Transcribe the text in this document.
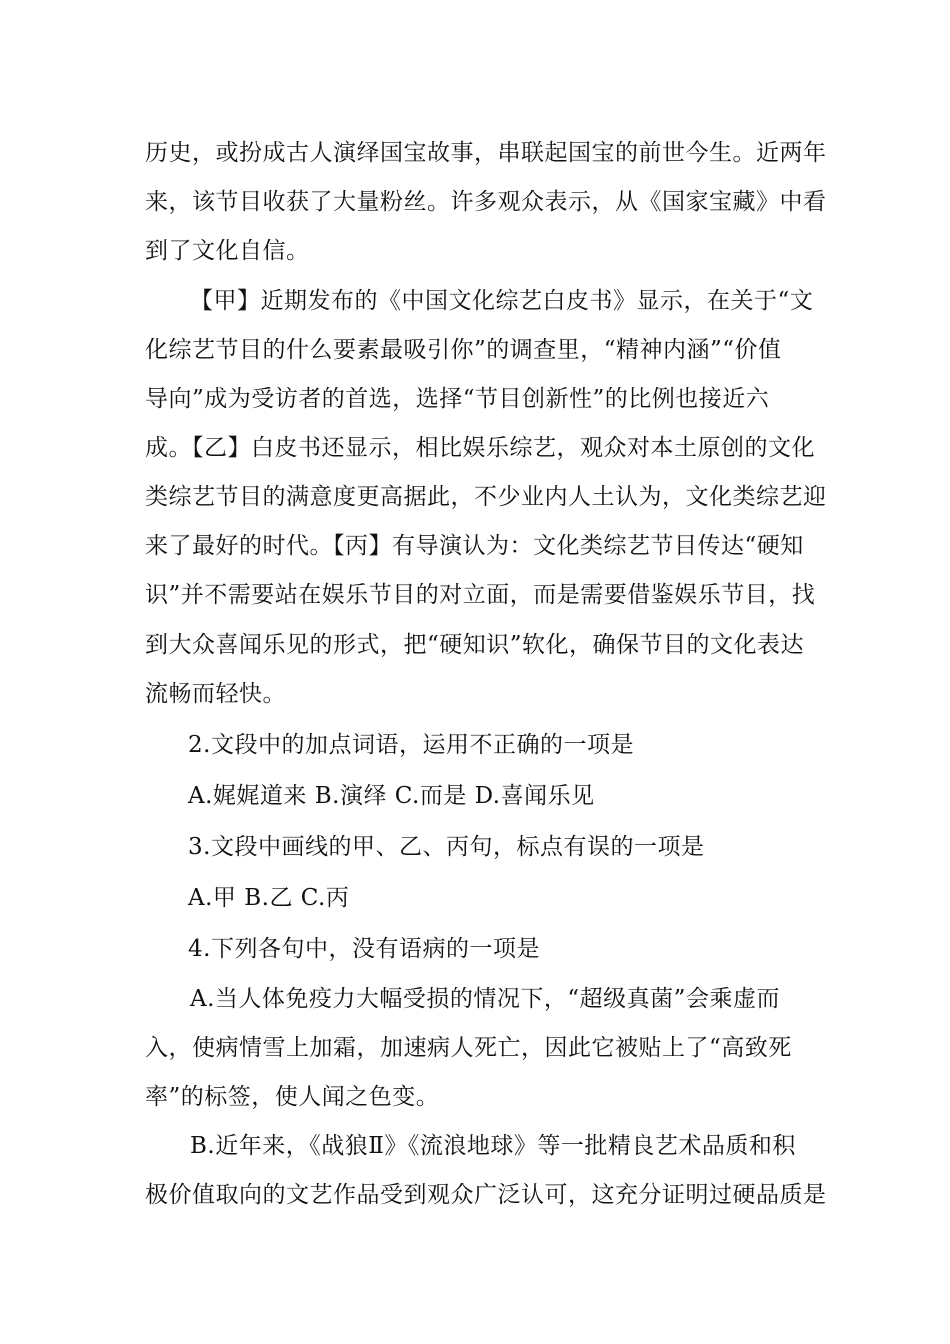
历史，或扮成古人演绎国宝故事，串联起国宝的前世今生。近两年
来，该节目收获了大量粉丝。许多观众表示，从《国家宝藏》中看
到了文化自信。
【甲】近期发布的《中国文化综艺白皮书》显示，在关于“文
化综艺节目的什么要素最吸引你”的调查里，“精神内涵”“价值
导向”成为受访者的首选，选择“节目创新性”的比例也接近六
成。【乙】白皮书还显示，相比娱乐综艺，观众对本土原创的文化
类综艺节目的满意度更高据此，不少业内人土认为，文化类综艺迎
来了最好的时代。【丙】有导演认为：文化类综艺节目传达“硬知
识”并不需要站在娱乐节目的对立面，而是需要借鉴娱乐节目，找
到大众喜闻乐见的形式，把“硬知识”软化，确保节目的文化表达
流畅而轻快。
2.文段中的加点词语，运用不正确的一项是
A.娓娓道来 B.演绎 C.而是 D.喜闻乐见
3.文段中画线的甲、乙、丙句，标点有误的一项是
A.甲 B.乙 C.丙
4.下列各句中，没有语病的一项是
A.当人体免疫力大幅受损的情况下，“超级真菌”会乘虚而
入，使病情雪上加霜，加速病人死亡，因此它被贴上了“高致死
率”的标签，使人闻之色变。
B.近年来，《战狼Ⅱ》《流浪地球》等一批精良艺术品质和积
极价值取向的文艺作品受到观众广泛认可，这充分证明过硬品质是
